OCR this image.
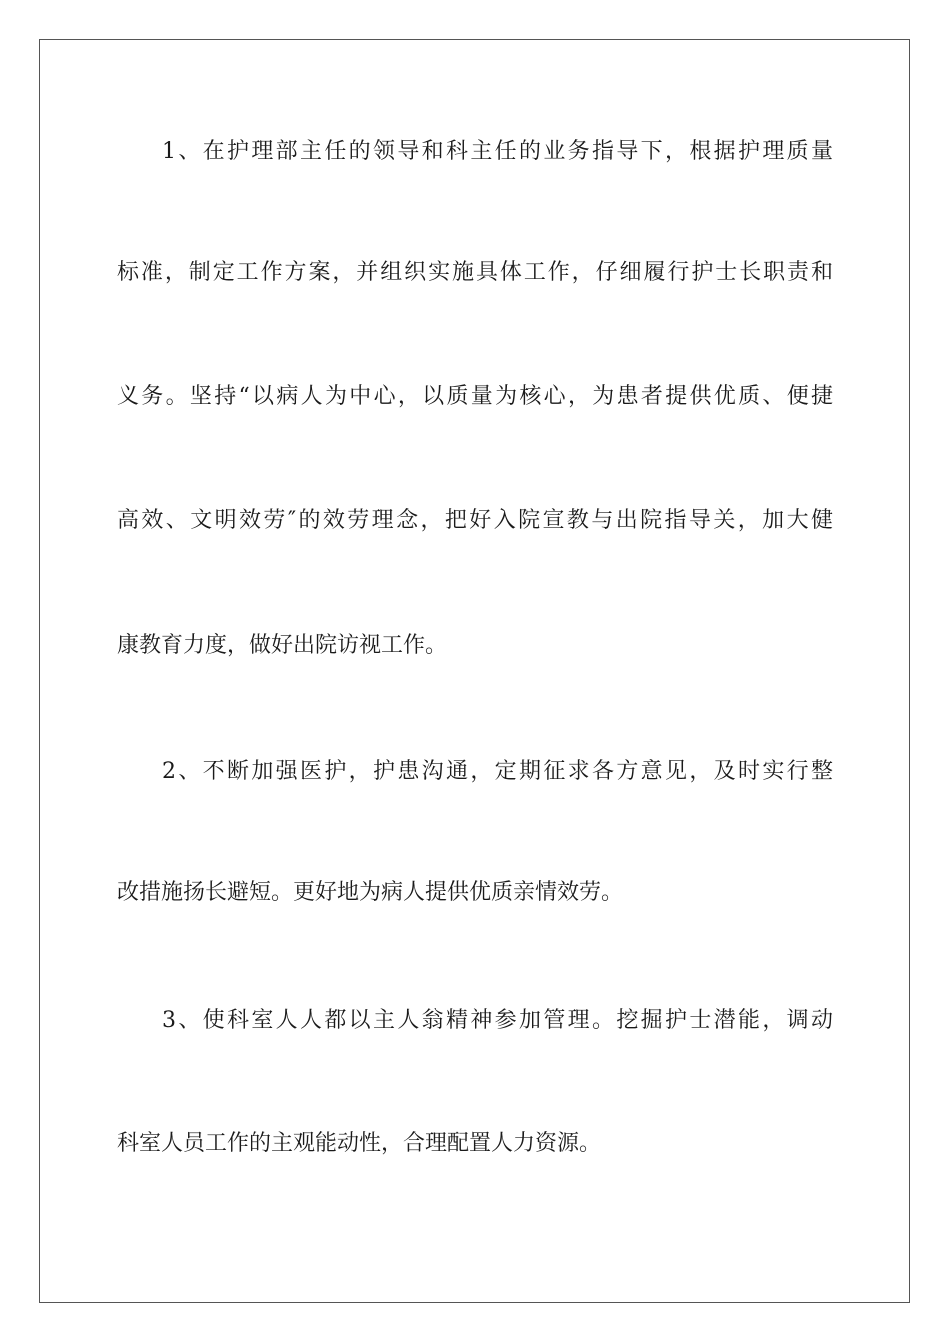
1、在护理部主任的领导和科主任的业务指导下，根据护理质量
标准，制定工作方案，并组织实施具体工作，仔细履行护士长职责和
义务。坚持“以病人为中心，以质量为核心，为患者提供优质、便捷
高效、文明效劳″的效劳理念，把好入院宣教与出院指导关，加大健
康教育力度，做好出院访视工作。
2、不断加强医护，护患沟通，定期征求各方意见，及时实行整
改措施扬长避短。更好地为病人提供优质亲情效劳。
3、使科室人人都以主人翁精神参加管理。挖掘护士潜能，调动
科室人员工作的主观能动性，合理配置人力资源。
